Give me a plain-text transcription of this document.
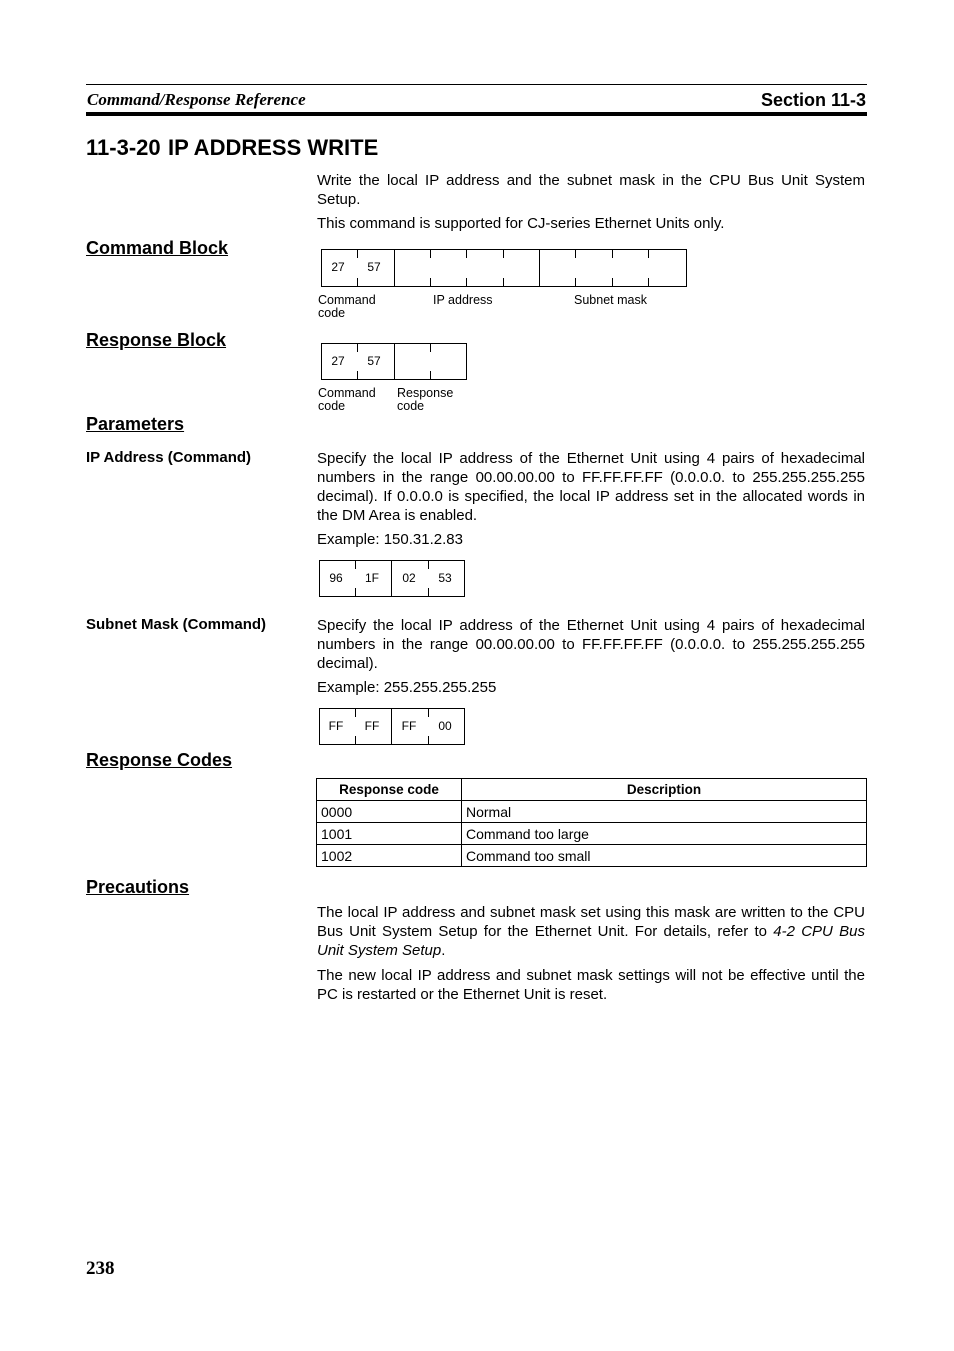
Command/Response Reference	Section 11-3
11-3-20 IP ADDRESS WRITE
Write the local IP address and the subnet mask in the CPU Bus Unit System Setup.
This command is supported for CJ-series Ethernet Units only.
Command Block
27	57
Command
code
IP address	Subnet mask
Response Block
27	57
Command
code
Response
code
Parameters
IP Address (Command)	Specify the local IP address of the Ethernet Unit using 4 pairs of hexadecimal numbers in the range 00.00.00.00 to FF.FF.FF.FF (0.0.0.0. to 255.255.255.255 decimal). If 0.0.0.0 is specified, the local IP address set in the allocated words in the DM Area is enabled.
Example: 150.31.2.83
96	1F	02	53
Subnet Mask (Command)	Specify the local IP address of the Ethernet Unit using 4 pairs of hexadecimal numbers in the range 00.00.00.00 to FF.FF.FF.FF (0.0.0.0. to 255.255.255.255 decimal).
Example: 255.255.255.255
FF	FF	FF	00
Response Codes
Response code	Description
0000	Normal
1001	Command too large
1002	Command too small
Precautions
The local IP address and subnet mask set using this mask are written to the CPU Bus Unit System Setup for the Ethernet Unit. For details, refer to 4-2 CPU Bus Unit System Setup.
The new local IP address and subnet mask settings will not be effective until the PC is restarted or the Ethernet Unit is reset.
238
